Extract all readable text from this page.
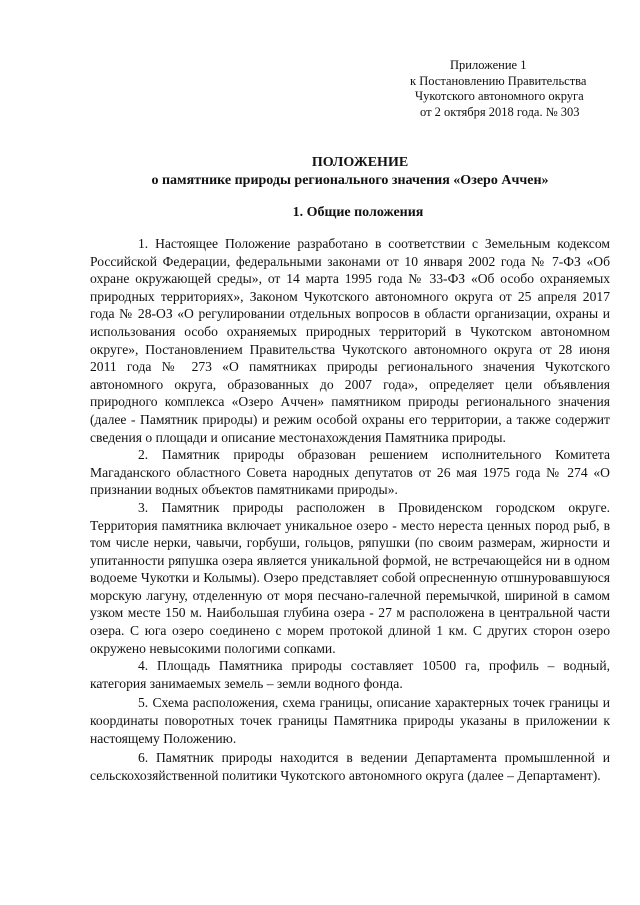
Приложение 1
к Постановлению Правительства
Чукотского автономного округа
от 2 октября 2018 года. № 303
ПОЛОЖЕНИЕ
о памятнике природы регионального значения «Озеро Аччен»
1. Общие положения

1. Настоящее Положение разработано в соответствии с Земельным кодексом Российской Федерации, федеральными законами от 10 января 2002 года № 7-ФЗ «Об охране окружающей среды», от 14 марта 1995 года № 33-ФЗ «Об особо охраняемых природных территориях», Законом Чукотского автономного округа от 25 апреля 2017 года № 28-ОЗ «О регулировании отдельных вопросов в области организации, охраны и использования особо охраняемых природных территорий в Чукотском автономном округе», Постановлением Правительства Чукотского автономного округа от 28 июня 2011 года № 273 «О памятниках природы регионального значения Чукотского автономного округа, образованных до 2007 года», определяет цели объявления природного комплекса «Озеро Аччен» памятником природы регионального значения (далее - Памятник природы) и режим особой охраны его территории, а также содержит сведения о площади и описание местонахождения Памятника природы.

2. Памятник природы образован решением исполнительного Комитета Магаданского областного Совета народных депутатов от 26 мая 1975 года № 274 «О признании водных объектов памятниками природы».

3. Памятник природы расположен в Провиденском городском округе. Территория памятника включает уникальное озеро - место нереста ценных пород рыб, в том числе нерки, чавычи, горбуши, гольцов, ряпушки (по своим размерам, жирности и упитанности ряпушка озера является уникальной формой, не встречающейся ни в одном водоеме Чукотки и Колымы). Озеро представляет собой опресненную отшнуровавшуюся морскую лагуну, отделенную от моря песчано-галечной перемычкой, шириной в самом узком месте 150 м. Наибольшая глубина озера - 27 м расположена в центральной части озера. С юга озеро соединено с морем протокой длиной 1 км. С других сторон озеро окружено невысокими пологими сопками.

4. Площадь Памятника природы составляет 10500 га, профиль – водный, категория занимаемых земель – земли водного фонда.

5. Схема расположения, схема границы, описание характерных точек границы и координаты поворотных точек границы Памятника природы указаны в приложении к настоящему Положению.

6. Памятник природы находится в ведении Департамента промышленной и сельскохозяйственной политики Чукотского автономного округа (далее – Департамент).
